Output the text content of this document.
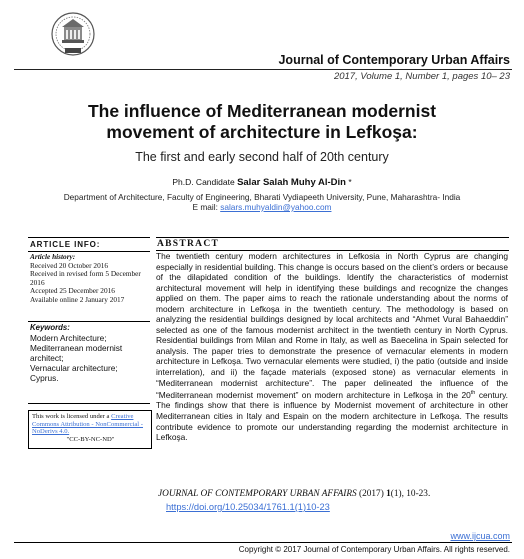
Journal of Contemporary Urban Affairs
2017, Volume 1, Number 1, pages 10– 23
The influence of Mediterranean modernist
movement of architecture in Lefkoşa:
The first and early second half of 20th century
Ph.D. Candidate Salar Salah Muhy Al-Din *
Department of Architecture, Faculty of Engineering, Bharati Vydiapeeth University, Pune, Maharashtra- India
E mail: salars.muhyaldin@yahoo.com
ARTICLE INFO:
Article history:
Received 20 October 2016
Received in revised form 5 December 2016
Accepted 25 December 2016
Available online 2 January 2017
Keywords:
Modern Architecture;
Mediterranean modernist architect;
Vernacular architecture;
Cyprus.
This work is licensed under a Creative Commons Attribution - NonCommercial - NoDerivs 4.0.
"CC-BY-NC-ND"
ABSTRACT
The twentieth century modern architectures in Lefkosia in North Cyprus are changing especially in residential building. This change is occurs based on the client’s orders or because of the dilapidated condition of the buildings. Identify the characteristics of modernist architectural movement will help in identifying these buildings and recognize the changes applied on them. The paper aims to reach the rationale understanding about the norms of modern architecture in Lefkoşa in the twentieth century. The methodology is based on analyzing the residential buildings designed by local architects and “Ahmet Vural Bahaeddin” selected as one of the famous modernist architect in the twentieth century in North Cyprus. Residential buildings from Milan and Rome in Italy, as well as Baecelina in Spain selected for analysis. The paper tries to demonstrate the presence of vernacular elements in modern architecture in Lefkoşa. Two vernacular elements were studied, i) the patio (outside and inside interrelation), and ii) the façade materials (exposed stone) as vernacular elements in “Mediterranean modernist architecture”. The paper delineated the influence of the “Mediterranean modernist movement” on modern architecture in Lefkoşa in the 20th century. The findings show that there is influence by Modernist movement of architecture in other Mediterranean cities in Italy and Espain on the modern architecture in Lefkoşa. The results contribute evidence to promote our understanding regarding the modernist architecture in Lefkoşa.
JOURNAL OF CONTEMPORARY URBAN AFFAIRS (2017) 1(1), 10-23.
https://doi.org/10.25034/1761.1(1)10-23
www.ijcua.com
Copyright © 2017 Journal of Contemporary Urban Affairs. All rights reserved.
